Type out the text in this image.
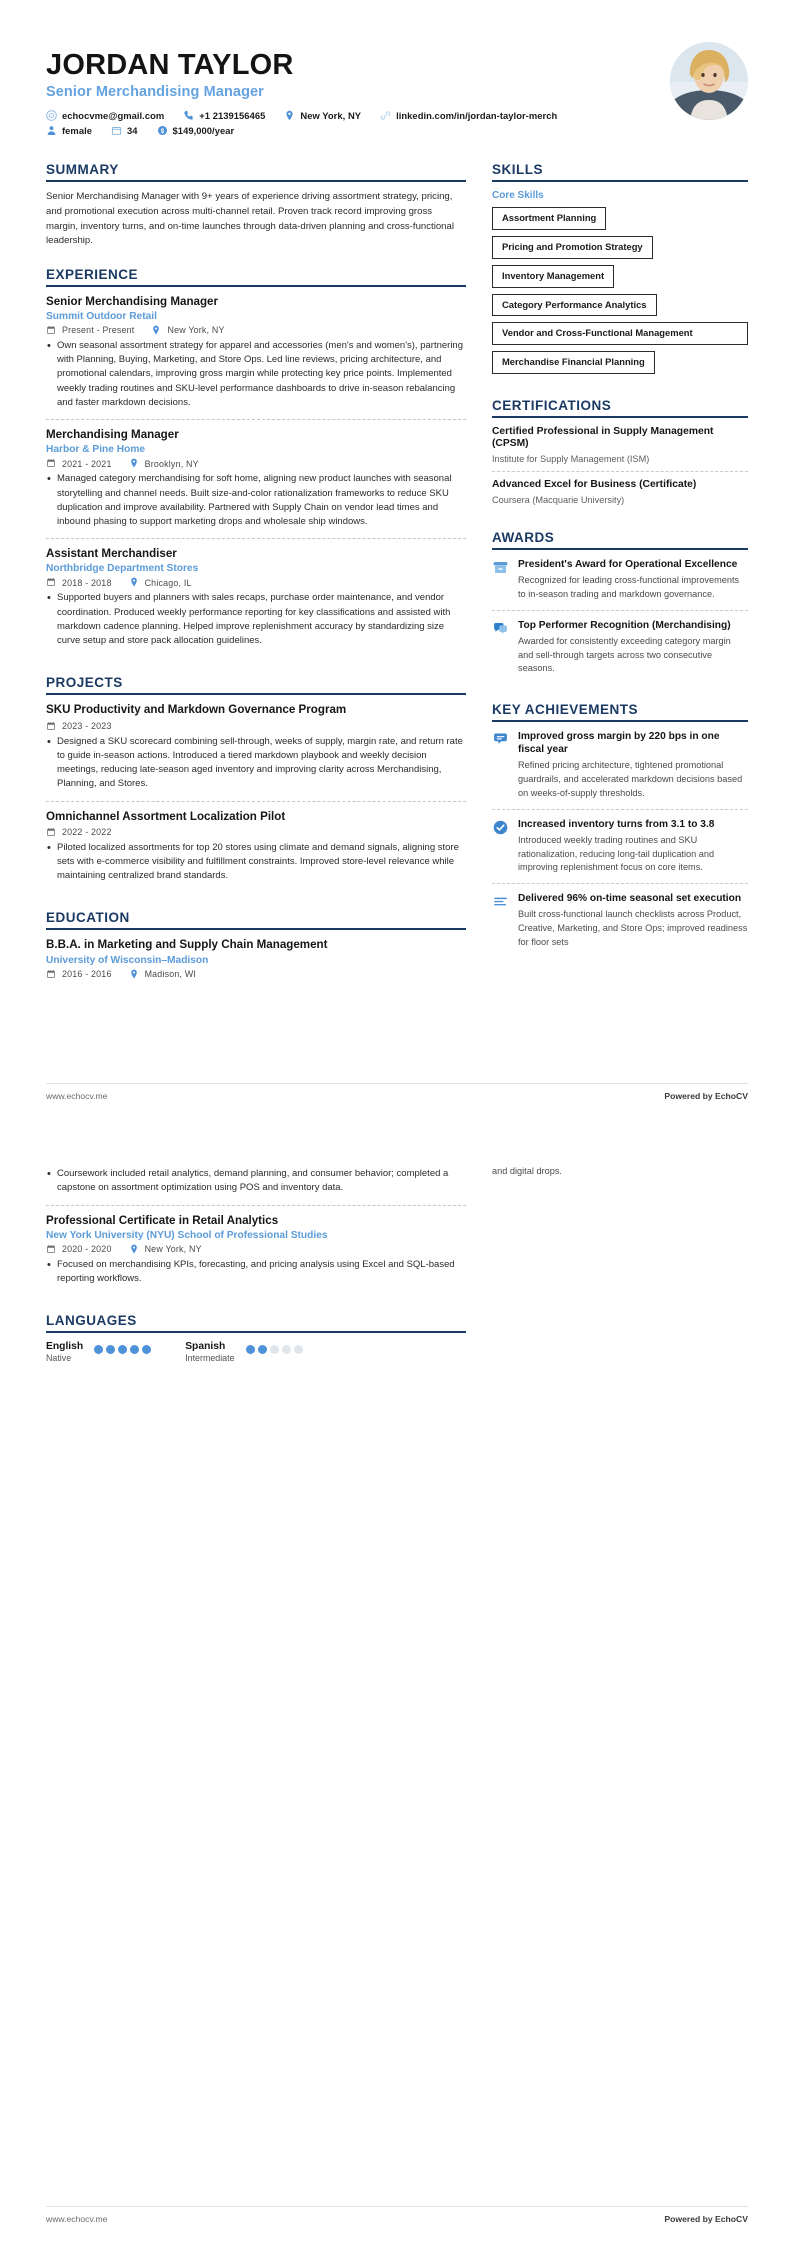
JORDAN TAYLOR
Senior Merchandising Manager
echocvme@gmail.com	+1 2139156465	New York, NY	linkedin.com/in/jordan-taylor-merch
female	34	$ $149,000/year
SUMMARY
Senior Merchandising Manager with 9+ years of experience driving assortment strategy, pricing, and promotional execution across multi-channel retail. Proven track record improving gross margin, inventory turns, and on-time launches through data-driven planning and cross-functional leadership.
EXPERIENCE
Senior Merchandising Manager
Summit Outdoor Retail
Present - Present	New York, NY
• Own seasonal assortment strategy for apparel and accessories (men's and women's), partnering with Planning, Buying, Marketing, and Store Ops. Led line reviews, pricing architecture, and promotional calendars, improving gross margin while protecting key price points. Implemented weekly trading routines and SKU-level performance dashboards to drive in-season rebalancing and faster markdown decisions.
Merchandising Manager
Harbor & Pine Home
2021 - 2021	Brooklyn, NY
• Managed category merchandising for soft home, aligning new product launches with seasonal storytelling and channel needs. Built size-and-color rationalization frameworks to reduce SKU duplication and improve availability. Partnered with Supply Chain on vendor lead times and inbound phasing to support marketing drops and wholesale ship windows.
Assistant Merchandiser
Northbridge Department Stores
2018 - 2018	Chicago, IL
• Supported buyers and planners with sales recaps, purchase order maintenance, and vendor coordination. Produced weekly performance reporting for key classifications and assisted with markdown cadence planning. Helped improve replenishment accuracy by standardizing size curve setup and store pack allocation guidelines.
PROJECTS
SKU Productivity and Markdown Governance Program
2023 - 2023
• Designed a SKU scorecard combining sell-through, weeks of supply, margin rate, and return rate to guide in-season actions. Introduced a tiered markdown playbook and weekly decision meetings, reducing late-season aged inventory and improving clarity across Merchandising, Planning, and Stores.
Omnichannel Assortment Localization Pilot
2022 - 2022
• Piloted localized assortments for top 20 stores using climate and demand signals, aligning store sets with e-commerce visibility and fulfillment constraints. Improved store-level relevance while maintaining centralized brand standards.
EDUCATION
B.B.A. in Marketing and Supply Chain Management
University of Wisconsin–Madison
2016 - 2016	Madison, WI
SKILLS
Core Skills
Assortment Planning
Pricing and Promotion Strategy
Inventory Management
Category Performance Analytics
Vendor and Cross-Functional Management
Merchandise Financial Planning
CERTIFICATIONS
Certified Professional in Supply Management (CPSM)
Institute for Supply Management (ISM)
Advanced Excel for Business (Certificate)
Coursera (Macquarie University)
AWARDS
President's Award for Operational Excellence
Recognized for leading cross-functional improvements to in-season trading and markdown governance.
Top Performer Recognition (Merchandising)
Awarded for consistently exceeding category margin and sell-through targets across two consecutive seasons.
KEY ACHIEVEMENTS
Improved gross margin by 220 bps in one fiscal year
Refined pricing architecture, tightened promotional guardrails, and accelerated markdown decisions based on weeks-of-supply thresholds.
Increased inventory turns from 3.1 to 3.8
Introduced weekly trading routines and SKU rationalization, reducing long-tail duplication and improving replenishment focus on core items.
Delivered 96% on-time seasonal set execution
Built cross-functional launch checklists across Product, Creative, Marketing, and Store Ops; improved readiness for floor sets
www.echocv.me	Powered by EchoCV
• Coursework included retail analytics, demand planning, and consumer behavior; completed a capstone on assortment optimization using POS and inventory data.
Professional Certificate in Retail Analytics
New York University (NYU) School of Professional Studies
2020 - 2020	New York, NY
• Focused on merchandising KPIs, forecasting, and pricing analysis using Excel and SQL-based reporting workflows.
LANGUAGES
English
Native
Spanish
Intermediate
and digital drops.
www.echocv.me	Powered by EchoCV
